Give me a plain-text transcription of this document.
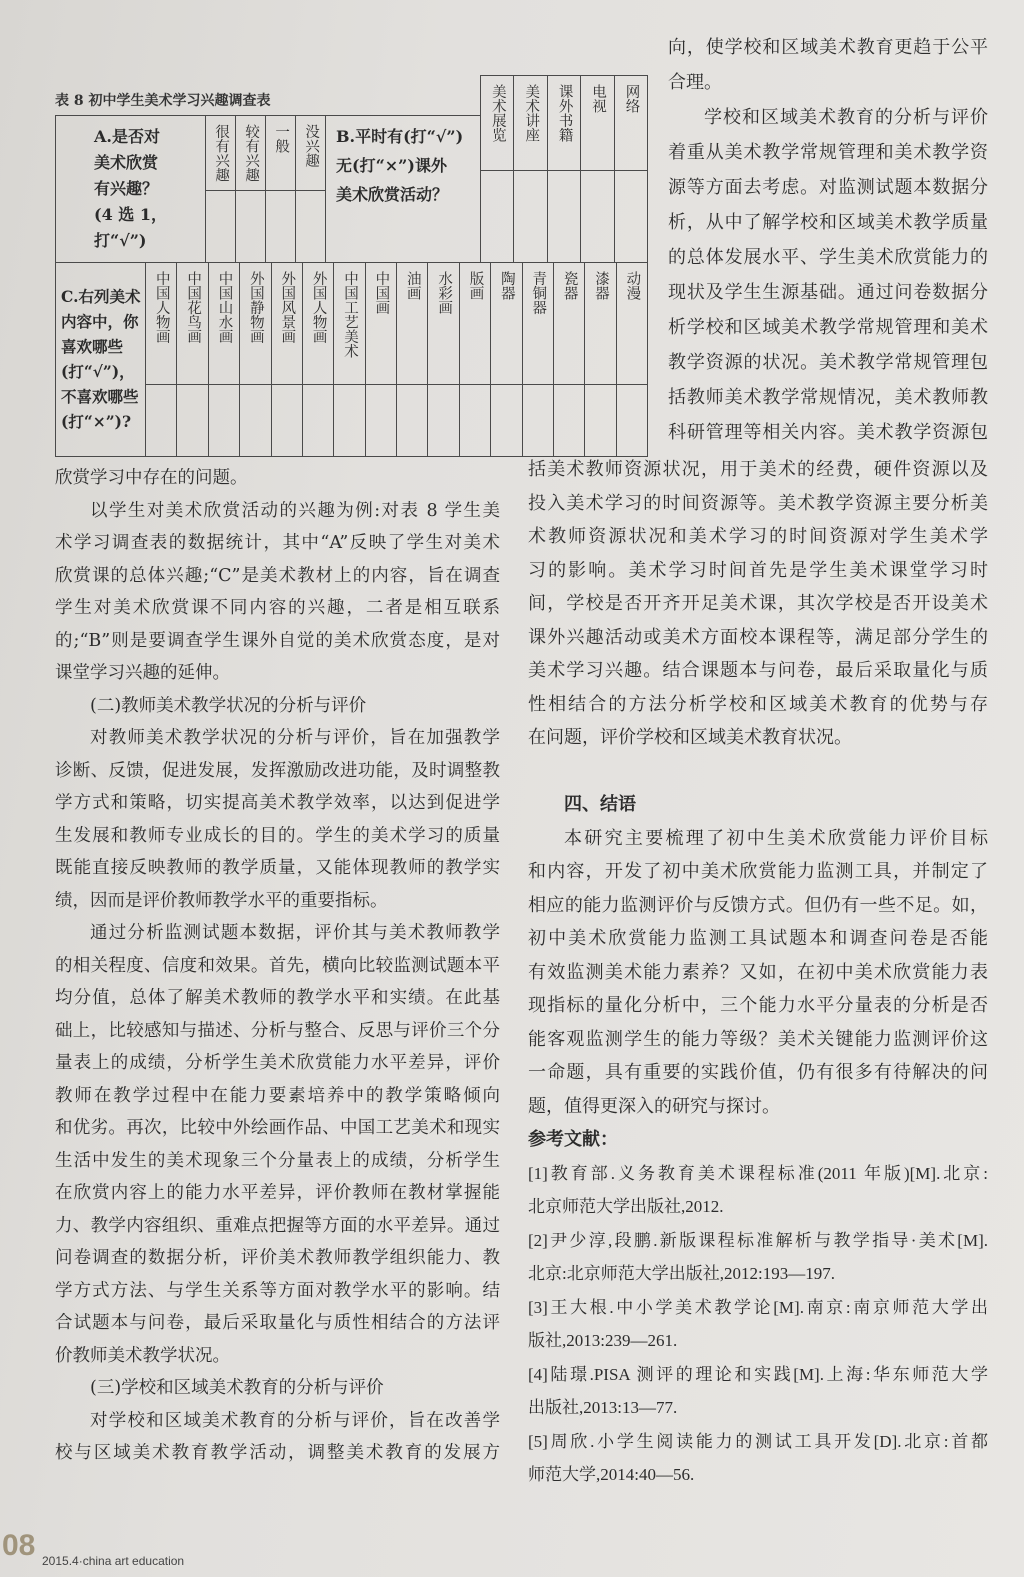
表 8 初中学生美术学习兴趣调查表
A.是否对
美术欣赏
有兴趣？
(4 选 1，
打“√”)
很有兴趣 较有兴趣 一般 没兴趣 B.平时有(打“√”)
无(打“×”)课外
美术欣赏活动？
美术展览 美术讲座 课外书籍 电视 网络
C.右列美术
内容中，你
喜欢哪些
(打“√”)，
不喜欢哪些
(打“×”)?
中国人物画 中国花鸟画 中国山水画 外国静物画 外国风景画 外国人物画 中国工艺美术 中国画 油画 水彩画 版画 陶器 青铜器 瓷器 漆器 动漫
向，使学校和区域美术教育更趋于公平
合理。
学校和区域美术教育的分析与评价
着重从美术教学常规管理和美术教学资
源等方面去考虑。对监测试题本数据分
析，从中了解学校和区域美术教学质量
的总体发展水平、学生美术欣赏能力的
现状及学生生源基础。通过问卷数据分
析学校和区域美术教学常规管理和美术
教学资源的状况。美术教学常规管理包
括教师美术教学常规情况，美术教师教
科研管理等相关内容。美术教学资源包
欣赏学习中存在的问题。
以学生对美术欣赏活动的兴趣为例:对表 8 学生美
术学习调查表的数据统计，其中“A”反映了学生对美术
欣赏课的总体兴趣;“C”是美术教材上的内容，旨在调查
学生对美术欣赏课不同内容的兴趣，二者是相互联系
的;“B”则是要调查学生课外自觉的美术欣赏态度，是对
课堂学习兴趣的延伸。
(二)教师美术教学状况的分析与评价
对教师美术教学状况的分析与评价，旨在加强教学
诊断、反馈，促进发展，发挥激励改进功能，及时调整教
学方式和策略，切实提高美术教学效率，以达到促进学
生发展和教师专业成长的目的。学生的美术学习的质量
既能直接反映教师的教学质量，又能体现教师的教学实
绩，因而是评价教师教学水平的重要指标。
通过分析监测试题本数据，评价其与美术教师教学
的相关程度、信度和效果。首先，横向比较监测试题本平
均分值，总体了解美术教师的教学水平和实绩。在此基
础上，比较感知与描述、分析与整合、反思与评价三个分
量表上的成绩，分析学生美术欣赏能力水平差异，评价
教师在教学过程中在能力要素培养中的教学策略倾向
和优劣。再次，比较中外绘画作品、中国工艺美术和现实
生活中发生的美术现象三个分量表上的成绩，分析学生
在欣赏内容上的能力水平差异，评价教师在教材掌握能
力、教学内容组织、重难点把握等方面的水平差异。通过
问卷调查的数据分析，评价美术教师教学组织能力、教
学方式方法、与学生关系等方面对教学水平的影响。结
合试题本与问卷，最后采取量化与质性相结合的方法评
价教师美术教学状况。
(三)学校和区域美术教育的分析与评价
对学校和区域美术教育的分析与评价，旨在改善学
校与区域美术教育教学活动，调整美术教育的发展方
括美术教师资源状况，用于美术的经费，硬件资源以及
投入美术学习的时间资源等。美术教学资源主要分析美
术教师资源状况和美术学习的时间资源对学生美术学
习的影响。美术学习时间首先是学生美术课堂学习时
间，学校是否开齐开足美术课，其次学校是否开设美术
课外兴趣活动或美术方面校本课程等，满足部分学生的
美术学习兴趣。结合课题本与问卷，最后采取量化与质
性相结合的方法分析学校和区域美术教育的优势与存
在问题，评价学校和区域美术教育状况。
四、结语
本研究主要梳理了初中生美术欣赏能力评价目标
和内容，开发了初中美术欣赏能力监测工具，并制定了
相应的能力监测评价与反馈方式。但仍有一些不足。如，
初中美术欣赏能力监测工具试题本和调查问卷是否能
有效监测美术能力素养？又如，在初中美术欣赏能力表
现指标的量化分析中，三个能力水平分量表的分析是否
能客观监测学生的能力等级？美术关键能力监测评价这
一命题，具有重要的实践价值，仍有很多有待解决的问
题，值得更深入的研究与探讨。
参考文献：
[1]教育部.义务教育美术课程标准(2011 年版)[M].北京:
北京师范大学出版社,2012.
[2]尹少淳,段鹏.新版课程标准解析与教学指导·美术[M].
北京:北京师范大学出版社,2012:193—197.
[3]王大根.中小学美术教学论[M].南京:南京师范大学出
版社,2013:239—261.
[4]陆璟.PISA 测评的理论和实践[M].上海:华东师范大学
出版社,2013:13—77.
[5]周欣.小学生阅读能力的测试工具开发[D].北京:首都
师范大学,2014:40—56.
08 2015.4·china art education
